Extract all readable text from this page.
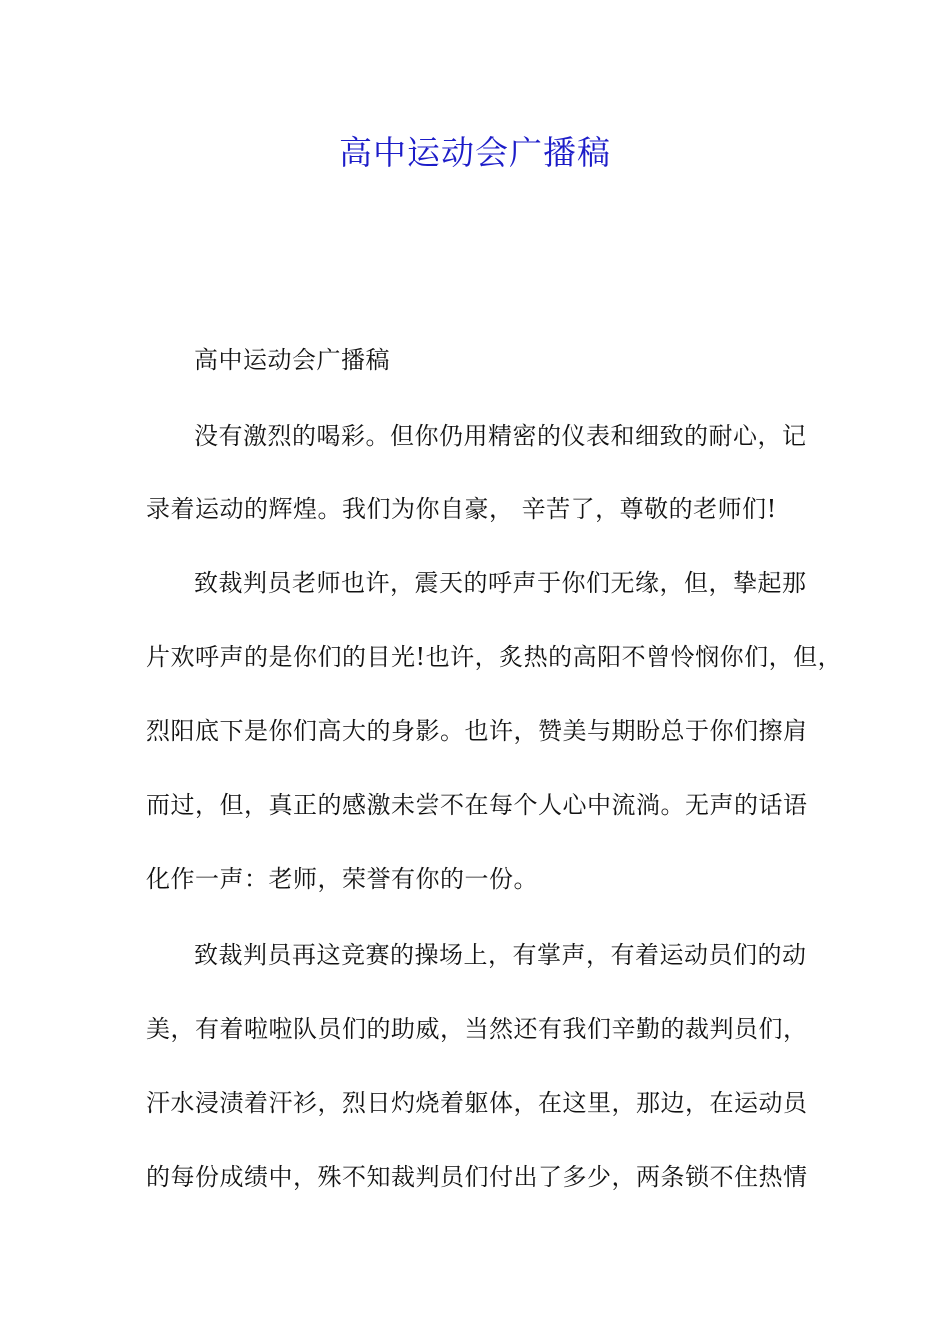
高中运动会广播稿
高中运动会广播稿
没有激烈的喝彩。但你仍用精密的仪表和细致的耐心，记
录着运动的辉煌。我们为你自豪， 辛苦了，尊敬的老师们!
致裁判员老师也许，震天的呼声于你们无缘，但，挚起那
片欢呼声的是你们的目光!也许，炙热的高阳不曾怜悯你们，但，
烈阳底下是你们高大的身影。也许，赞美与期盼总于你们擦肩
而过，但，真正的感激未尝不在每个人心中流淌。无声的话语
化作一声：老师，荣誉有你的一份。
致裁判员再这竞赛的操场上，有掌声，有着运动员们的动
美，有着啦啦队员们的助威，当然还有我们辛勤的裁判员们，
汗水浸渍着汗衫，烈日灼烧着躯体，在这里，那边，在运动员
的每份成绩中，殊不知裁判员们付出了多少，两条锁不住热情
